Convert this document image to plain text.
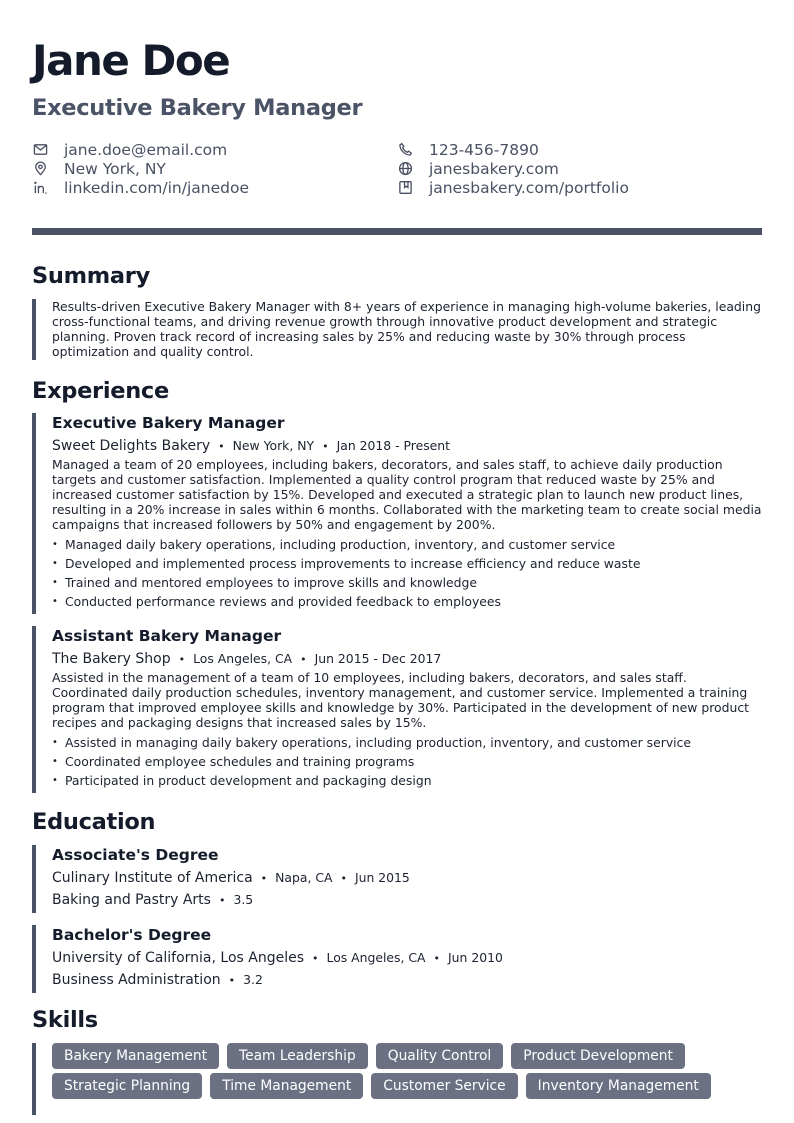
Jane Doe
Executive Bakery Manager
jane.doe@email.com	123-456-7890
New York, NY	janesbakery.com
linkedin.com/in/janedoe	janesbakery.com/portfolio
Summary

Results-driven Executive Bakery Manager with 8+ years of experience in managing high-volume bakeries, leading cross-functional teams, and driving revenue growth through innovative product development and strategic planning. Proven track record of increasing sales by 25% and reducing waste by 30% through process optimization and quality control.

Experience
Executive Bakery Manager
Sweet Delights Bakery • New York, NY • Jan 2018 - Present

Managed a team of 20 employees, including bakers, decorators, and sales staff, to achieve daily production targets and customer satisfaction. Implemented a quality control program that reduced waste by 25% and increased customer satisfaction by 15%. Developed and executed a strategic plan to launch new product lines, resulting in a 20% increase in sales within 6 months. Collaborated with the marketing team to create social media campaigns that increased followers by 50% and engagement by 200%.

• Managed daily bakery operations, including production, inventory, and customer service
• Developed and implemented process improvements to increase efficiency and reduce waste
• Trained and mentored employees to improve skills and knowledge
• Conducted performance reviews and provided feedback to employees
Assistant Bakery Manager
The Bakery Shop • Los Angeles, CA • Jun 2015 - Dec 2017

Assisted in the management of a team of 10 employees, including bakers, decorators, and sales staff. Coordinated daily production schedules, inventory management, and customer service. Implemented a training program that improved employee skills and knowledge by 30%. Participated in the development of new product recipes and packaging designs that increased sales by 15%.

• Assisted in managing daily bakery operations, including production, inventory, and customer service
• Coordinated employee schedules and training programs
• Participated in product development and packaging design
Education
Associate's Degree
Culinary Institute of America • Napa, CA • Jun 2015
Baking and Pastry Arts • 3.5
Bachelor's Degree
University of California, Los Angeles • Los Angeles, CA • Jun 2010
Business Administration • 3.2
Skills
Bakery Management	Team Leadership	Quality Control	Product Development
Strategic Planning	Time Management	Customer Service	Inventory Management
